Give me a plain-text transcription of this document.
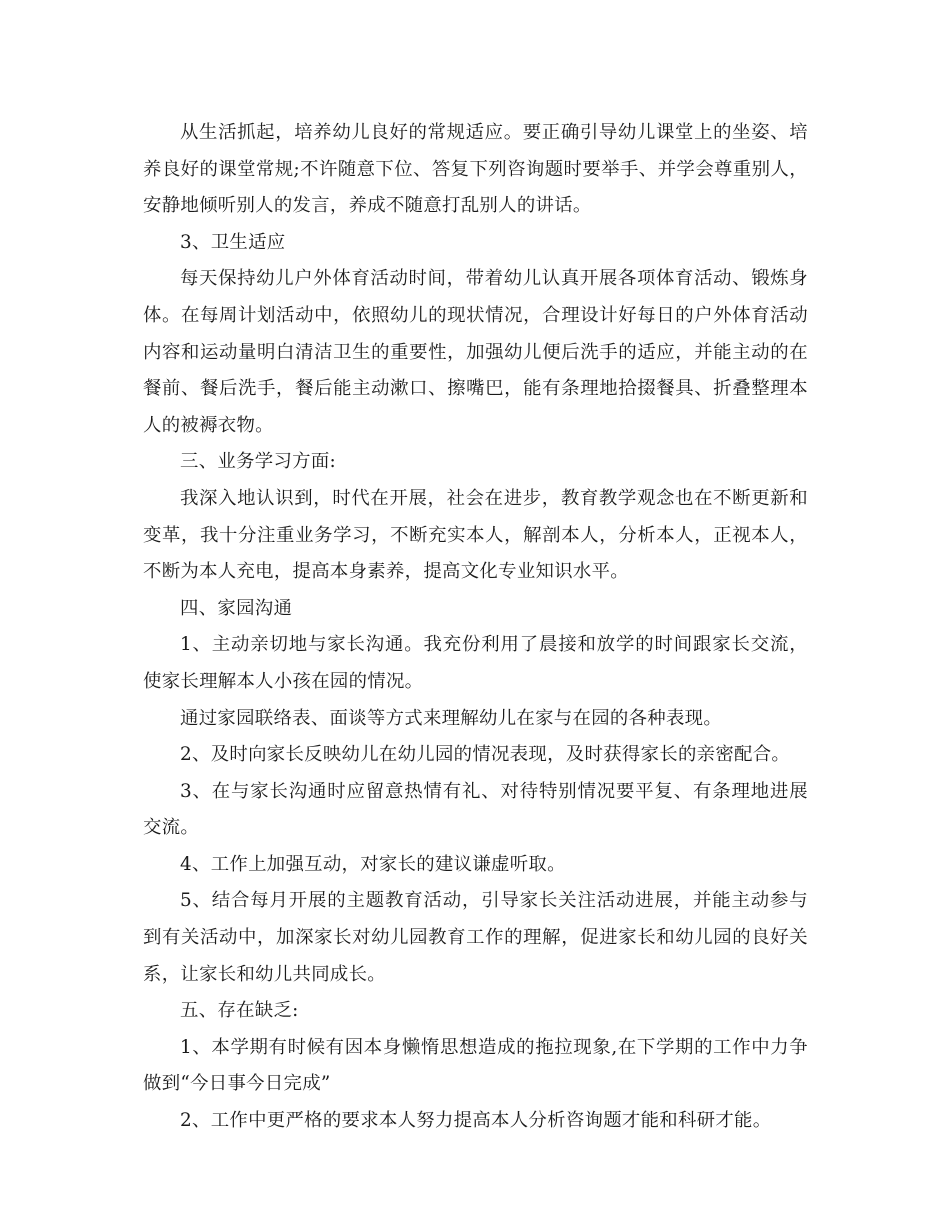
从生活抓起，培养幼儿良好的常规适应。要正确引导幼儿课堂上的坐姿、培养良好的课堂常规;不许随意下位、答复下列咨询题时要举手、并学会尊重别人，安静地倾听别人的发言，养成不随意打乱别人的讲话。

3、卫生适应

每天保持幼儿户外体育活动时间，带着幼儿认真开展各项体育活动、锻炼身体。在每周计划活动中，依照幼儿的现状情况，合理设计好每日的户外体育活动内容和运动量明白清洁卫生的重要性，加强幼儿便后洗手的适应，并能主动的在餐前、餐后洗手，餐后能主动漱口、擦嘴巴，能有条理地拾掇餐具、折叠整理本人的被褥衣物。

三、业务学习方面:

我深入地认识到，时代在开展，社会在进步，教育教学观念也在不断更新和变革，我十分注重业务学习，不断充实本人，解剖本人，分析本人，正视本人，不断为本人充电，提高本身素养，提高文化专业知识水平。

四、家园沟通

1、主动亲切地与家长沟通。我充份利用了晨接和放学的时间跟家长交流，使家长理解本人小孩在园的情况。

通过家园联络表、面谈等方式来理解幼儿在家与在园的各种表现。

2、及时向家长反映幼儿在幼儿园的情况表现，及时获得家长的亲密配合。

3、在与家长沟通时应留意热情有礼、对待特别情况要平复、有条理地进展交流。

4、工作上加强互动，对家长的建议谦虚听取。

5、结合每月开展的主题教育活动，引导家长关注活动进展，并能主动参与到有关活动中，加深家长对幼儿园教育工作的理解，促进家长和幼儿园的良好关系，让家长和幼儿共同成长。

五、存在缺乏:

1、本学期有时候有因本身懒惰思想造成的拖拉现象,在下学期的工作中力争做到“今日事今日完成”

2、工作中更严格的要求本人努力提高本人分析咨询题才能和科研才能。
